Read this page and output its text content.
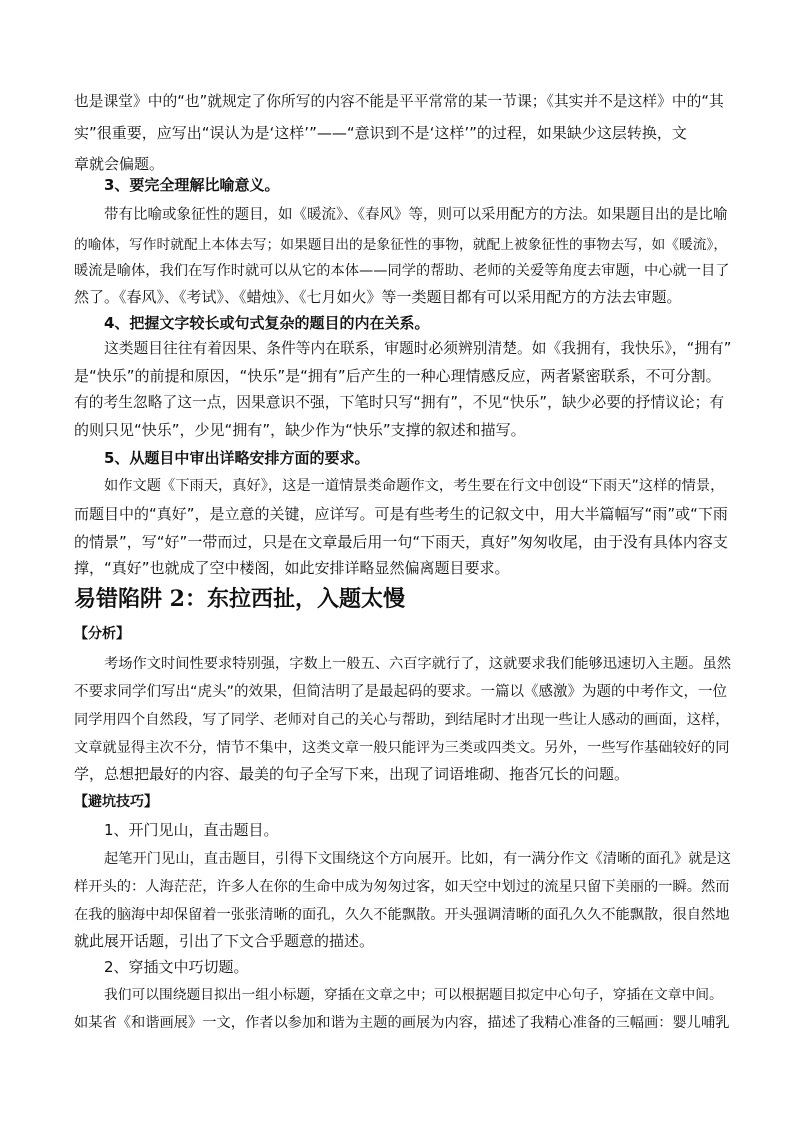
也是课堂》中的“也”就规定了你所写的内容不能是平平常常的某一节课；《其实并不是这样》中的“其
实”很重要，应写出“误认为是‘这样’”——“意识到不是‘这样’”的过程，如果缺少这层转换，文
章就会偏题。
3、要完全理解比喻意义。
带有比喻或象征性的题目，如《暖流》、《春风》等，则可以采用配方的方法。如果题目出的是比喻
的喻体，写作时就配上本体去写；如果题目出的是象征性的事物，就配上被象征性的事物去写，如《暖流》，
暖流是喻体，我们在写作时就可以从它的本体——同学的帮助、老师的关爱等角度去审题，中心就一目了
然了。《春风》、《考试》、《蜡烛》、《七月如火》等一类题目都有可以采用配方的方法去审题。
4、把握文字较长或句式复杂的题目的内在关系。
这类题目往往有着因果、条件等内在联系，审题时必须辨别清楚。如《我拥有，我快乐》，“拥有”
是“快乐”的前提和原因，“快乐”是“拥有”后产生的一种心理情感反应，两者紧密联系，不可分割。
有的考生忽略了这一点，因果意识不强，下笔时只写“拥有”，不见“快乐”，缺少必要的抒情议论；有
的则只见“快乐”，少见“拥有”，缺少作为“快乐”支撑的叙述和描写。
5、从题目中审出详略安排方面的要求。
如作文题《下雨天，真好》，这是一道情景类命题作文，考生要在行文中创设“下雨天”这样的情景，
而题目中的“真好”，是立意的关键，应详写。可是有些考生的记叙文中，用大半篇幅写“雨”或“下雨
的情景”，写“好”一带而过，只是在文章最后用一句“下雨天，真好”匆匆收尾，由于没有具体内容支
撑，“真好”也就成了空中楼阁，如此安排详略显然偏离题目要求。
易错陷阱 2：东拉西扯，入题太慢
【分析】
考场作文时间性要求特别强，字数上一般五、六百字就行了，这就要求我们能够迅速切入主题。虽然
不要求同学们写出“虎头”的效果，但简洁明了是最起码的要求。一篇以《感激》为题的中考作文，一位
同学用四个自然段，写了同学、老师对自己的关心与帮助，到结尾时才出现一些让人感动的画面，这样，
文章就显得主次不分，情节不集中，这类文章一般只能评为三类或四类文。另外，一些写作基础较好的同
学，总想把最好的内容、最美的句子全写下来，出现了词语堆砌、拖沓冗长的问题。
【避坑技巧】
1、开门见山，直击题目。
起笔开门见山，直击题目，引得下文围绕这个方向展开。比如，有一满分作文《清晰的面孔》就是这
样开头的：人海茫茫，许多人在你的生命中成为匆匆过客，如天空中划过的流星只留下美丽的一瞬。然而
在我的脑海中却保留着一张张清晰的面孔，久久不能飘散。开头强调清晰的面孔久久不能飘散，很自然地
就此展开话题，引出了下文合乎题意的描述。
2、穿插文中巧切题。
我们可以围绕题目拟出一组小标题，穿插在文章之中；可以根据题目拟定中心句子，穿插在文章中间。
如某省《和谐画展》一文，作者以参加和谐为主题的画展为内容，描述了我精心准备的三幅画：婴儿哺乳
